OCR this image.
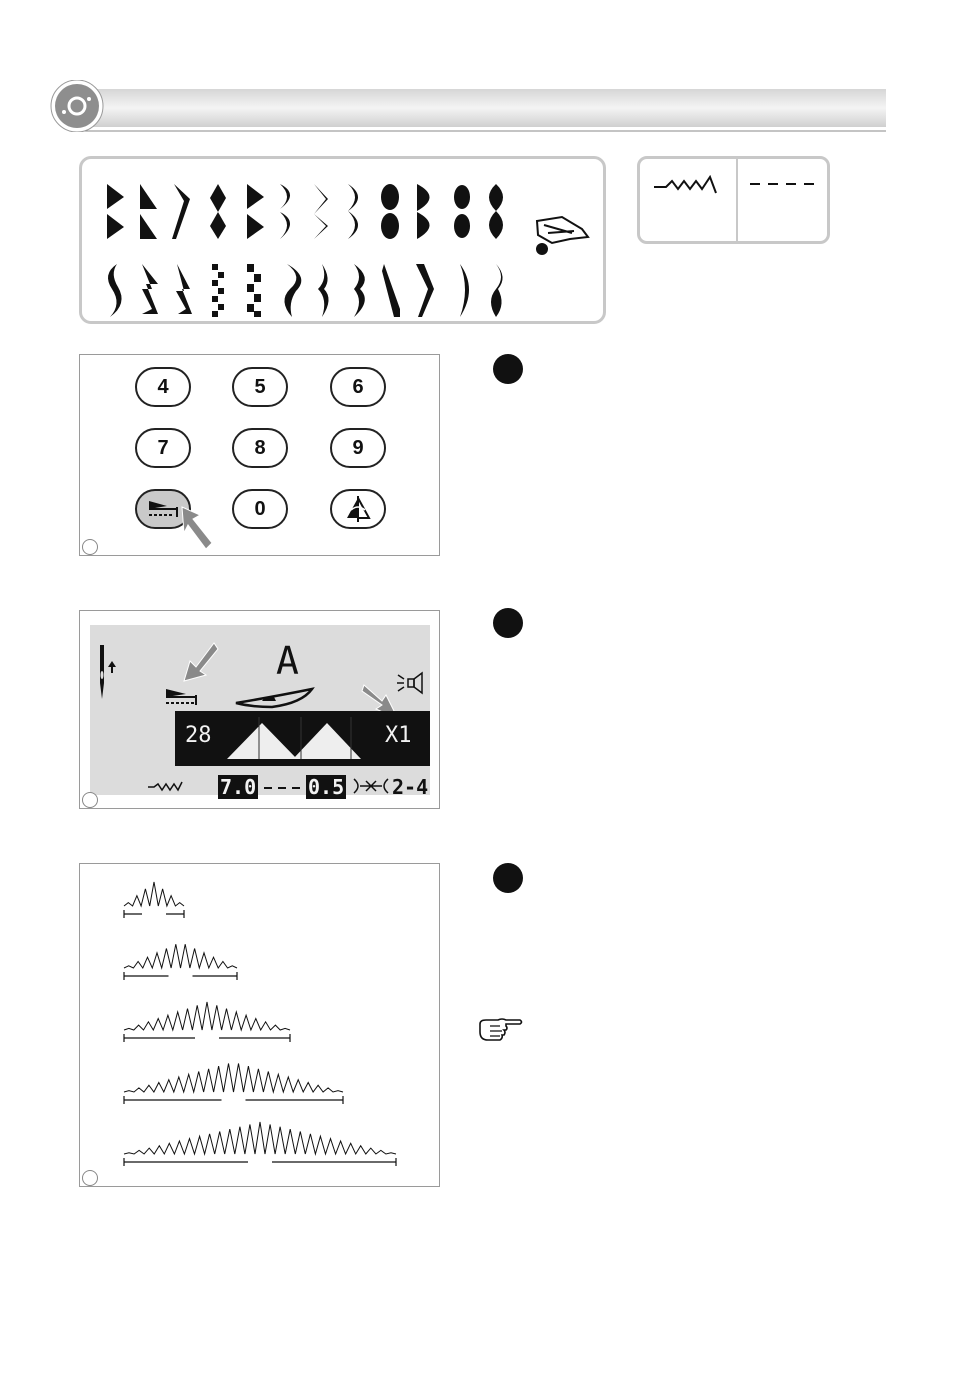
4	5	6
7	8	9
0
A
28	X1
7.0	0.5 2-4
